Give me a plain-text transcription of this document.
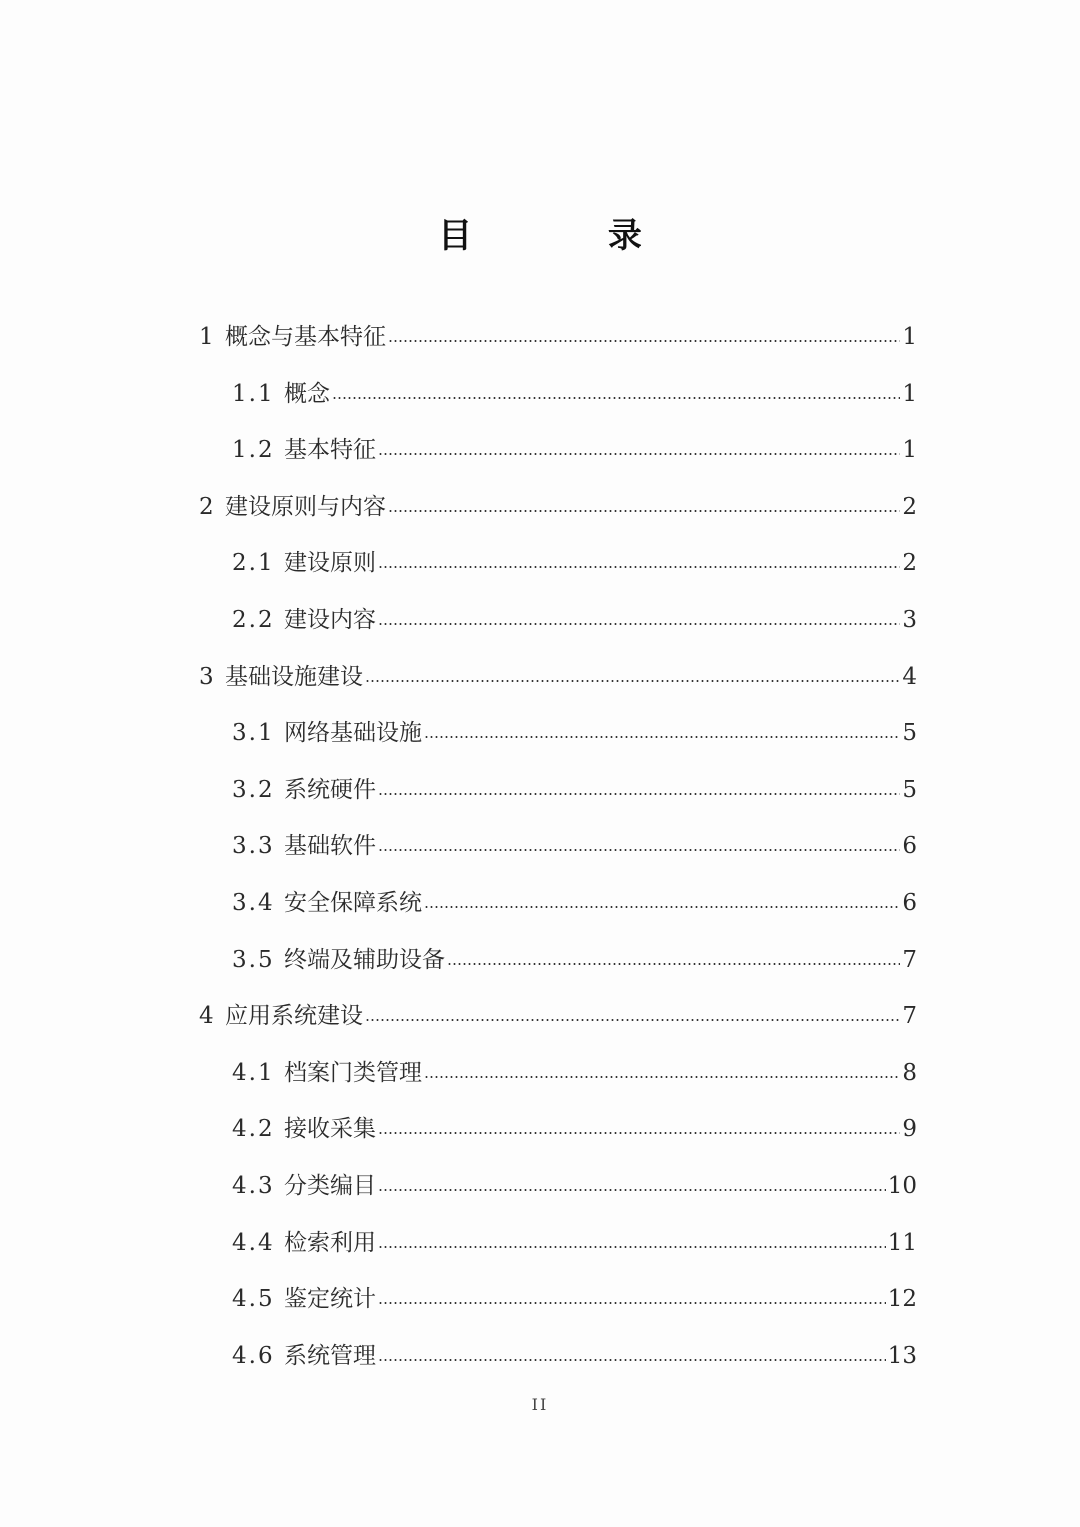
目 录
1 概念与基本特征	1
1.1 概念	1
1.2 基本特征	1
2 建设原则与内容	2
2.1 建设原则	2
2.2 建设内容	3
3 基础设施建设	4
3.1 网络基础设施	5
3.2 系统硬件	5
3.3 基础软件	6
3.4 安全保障系统	6
3.5 终端及辅助设备	7
4 应用系统建设	7
4.1 档案门类管理	8
4.2 接收采集	9
4.3 分类编目	10
4.4 检索利用	11
4.5 鉴定统计	12
4.6 系统管理	13
II
